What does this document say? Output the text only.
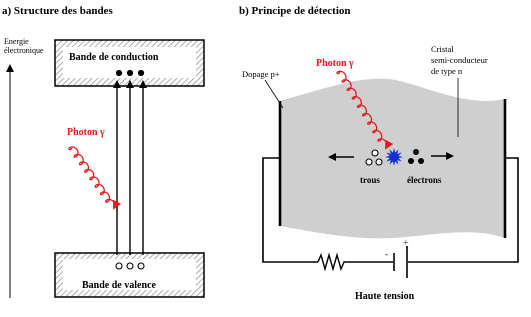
a) Structure des bandes
Energie
électronique
Bande de conduction
Bande de valence
Photon γ
b) Principe de détection
-
+
Haute tension
Dopage p+
Cristal
semi-conducteur
de type n
Photon γ
trous	électrons
